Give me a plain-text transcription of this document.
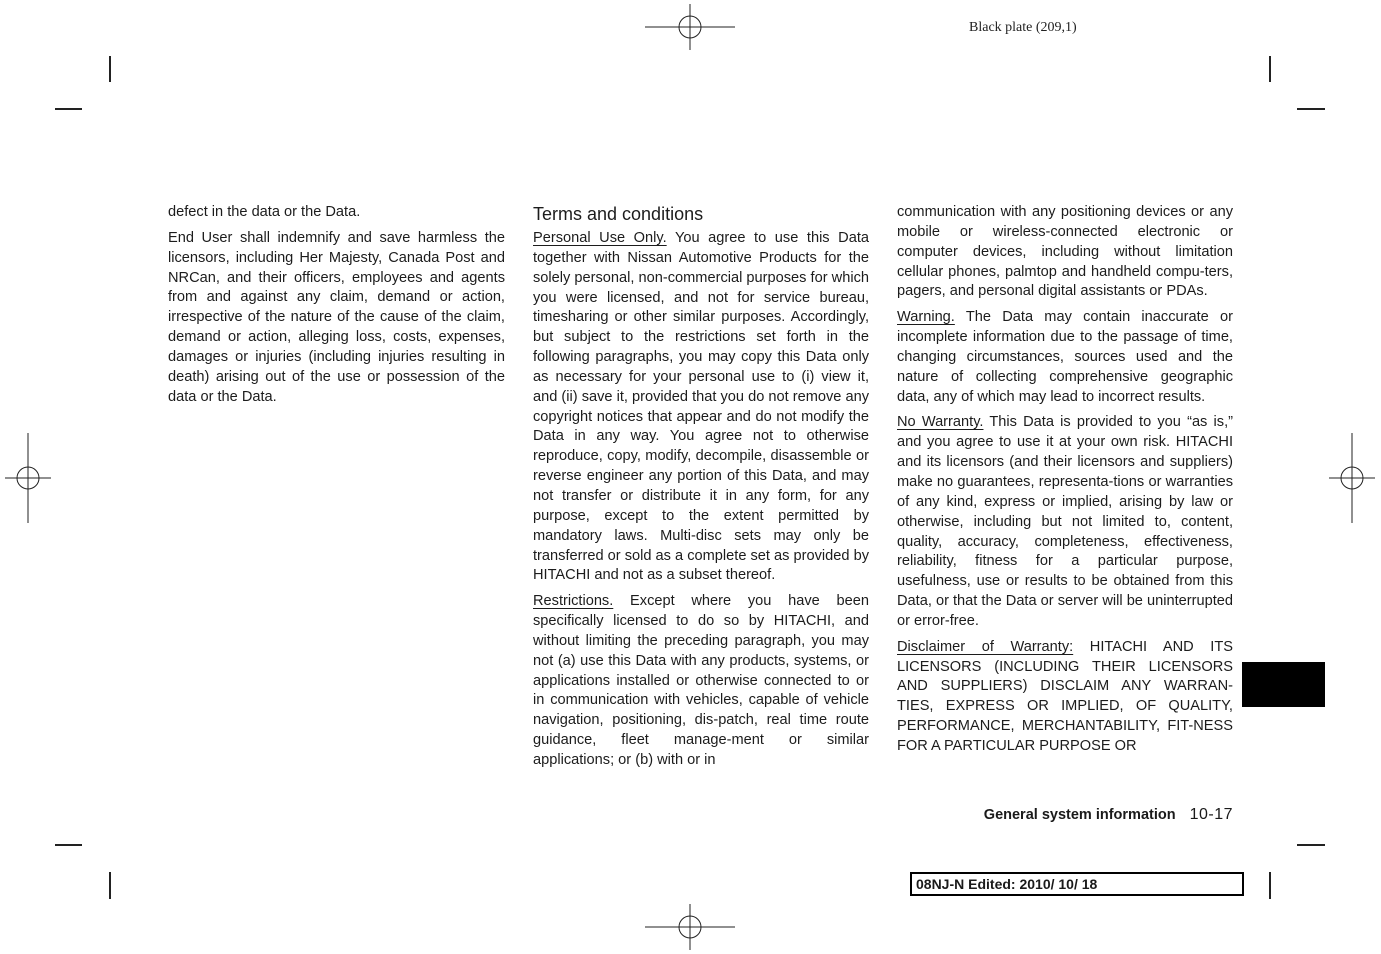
Black plate (209,1)

defect in the data or the Data.

End User shall indemnify and save harmless the licensors, including Her Majesty, Canada Post and NRCan, and their officers, employees and agents from and against any claim, demand or action, irrespective of the nature of the cause of the claim, demand or action, alleging loss, costs, expenses, damages or injuries (including injuries resulting in death) arising out of the use or possession of the data or the Data.

Terms and conditions

Personal Use Only. You agree to use this Data together with Nissan Automotive Products for the solely personal, non-commercial purposes for which you were licensed, and not for service bureau, timesharing or other similar purposes. Accordingly, but subject to the restrictions set forth in the following paragraphs, you may copy this Data only as necessary for your personal use to (i) view it, and (ii) save it, provided that you do not remove any copyright notices that appear and do not modify the Data in any way. You agree not to otherwise reproduce, copy, modify, decompile, disassemble or reverse engineer any portion of this Data, and may not transfer or distribute it in any form, for any purpose, except to the extent permitted by mandatory laws. Multi-disc sets may only be transferred or sold as a complete set as provided by HITACHI and not as a subset thereof.

Restrictions. Except where you have been specifically licensed to do so by HITACHI, and without limiting the preceding paragraph, you may not (a) use this Data with any products, systems, or applications installed or otherwise connected to or in communication with vehicles, capable of vehicle navigation, positioning, dis-patch, real time route guidance, fleet manage-ment or similar applications; or (b) with or in

communication with any positioning devices or any mobile or wireless-connected electronic or computer devices, including without limitation cellular phones, palmtop and handheld compu-ters, pagers, and personal digital assistants or PDAs.

Warning. The Data may contain inaccurate or incomplete information due to the passage of time, changing circumstances, sources used and the nature of collecting comprehensive geographic data, any of which may lead to incorrect results.

No Warranty. This Data is provided to you “as is,” and you agree to use it at your own risk. HITACHI and its licensors (and their licensors and suppliers) make no guarantees, representa-tions or warranties of any kind, express or implied, arising by law or otherwise, including but not limited to, content, quality, accuracy, completeness, effectiveness, reliability, fitness for a particular purpose, usefulness, use or results to be obtained from this Data, or that the Data or server will be uninterrupted or error-free.

Disclaimer of Warranty: HITACHI AND ITS LICENSORS (INCLUDING THEIR LICENSORS AND SUPPLIERS) DISCLAIM ANY WARRAN-TIES, EXPRESS OR IMPLIED, OF QUALITY, PERFORMANCE, MERCHANTABILITY, FIT-NESS FOR A PARTICULAR PURPOSE OR

General system information 10-17
08NJ-N Edited: 2010/ 10/ 18
